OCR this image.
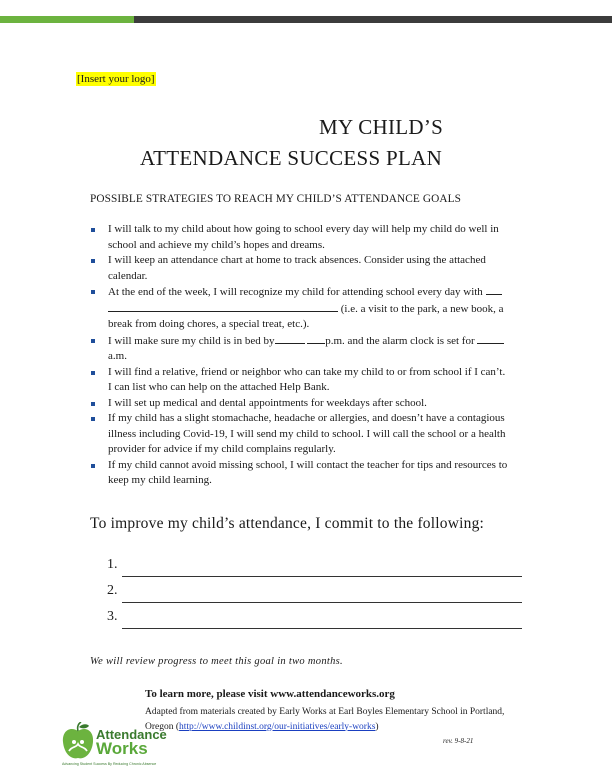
[Insert your logo]
MY CHILD’S
ATTENDANCE SUCCESS PLAN
POSSIBLE STRATEGIES TO REACH MY CHILD’S ATTENDANCE GOALS

I will talk to my child about how going to school every day will help my child do well in school and achieve my child’s hopes and dreams.

I will keep an attendance chart at home to track absences. Consider using the attached calendar.

At the end of the week, I will recognize my child for attending school every day with
(i.e. a visit to the park, a new book, a break from doing chores, a special treat, etc.).

I will make sure my child is in bed by	p.m. and the alarm clock is set for
a.m.

I will find a relative, friend or neighbor who can take my child to or from school if I can’t.
I can list who can help on the attached Help Bank.

I will set up medical and dental appointments for weekdays after school.

If my child has a slight stomachache, headache or allergies, and doesn’t have a contagious illness including Covid-19, I will send my child to school. I will call the school or a health provider for advice if my child complains regularly.

If my child cannot avoid missing school, I will contact the teacher for tips and resources to keep my child learning.

To improve my child’s attendance, I commit to the following:
1.
2.
3.
We will review progress to meet this goal in two months.
To learn more, please visit www.attendanceworks.org
Adapted from materials created by Early Works at Earl Boyles Elementary School in Portland, Oregon (http://www.childinst.org/our-initiatives/early-works)
rev. 9-8-21
Attendance
Works
Advancing Student Success By Reducing Chronic Absence
